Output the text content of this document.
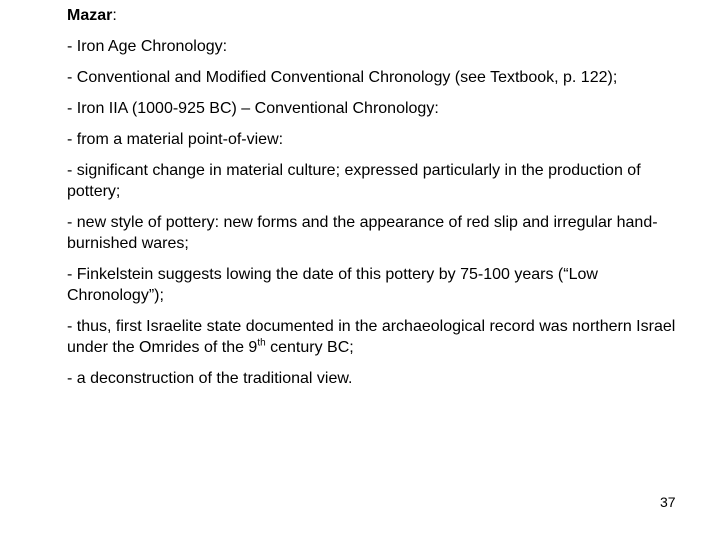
Mazar:

- Iron Age Chronology:

- Conventional and Modified Conventional Chronology (see Textbook, p. 122);

- Iron IIA (1000-925 BC) – Conventional Chronology:

- from a material point-of-view:

- significant change in material culture; expressed particularly in the production of pottery;

- new style of pottery: new forms and the appearance of red slip and irregular hand-burnished wares;

- Finkelstein suggests lowing the date of this pottery by 75-100 years (“Low Chronology”);

- thus, first Israelite state documented in the archaeological record was northern Israel under the Omrides of the 9th century BC;

- a deconstruction of the traditional view.

37
